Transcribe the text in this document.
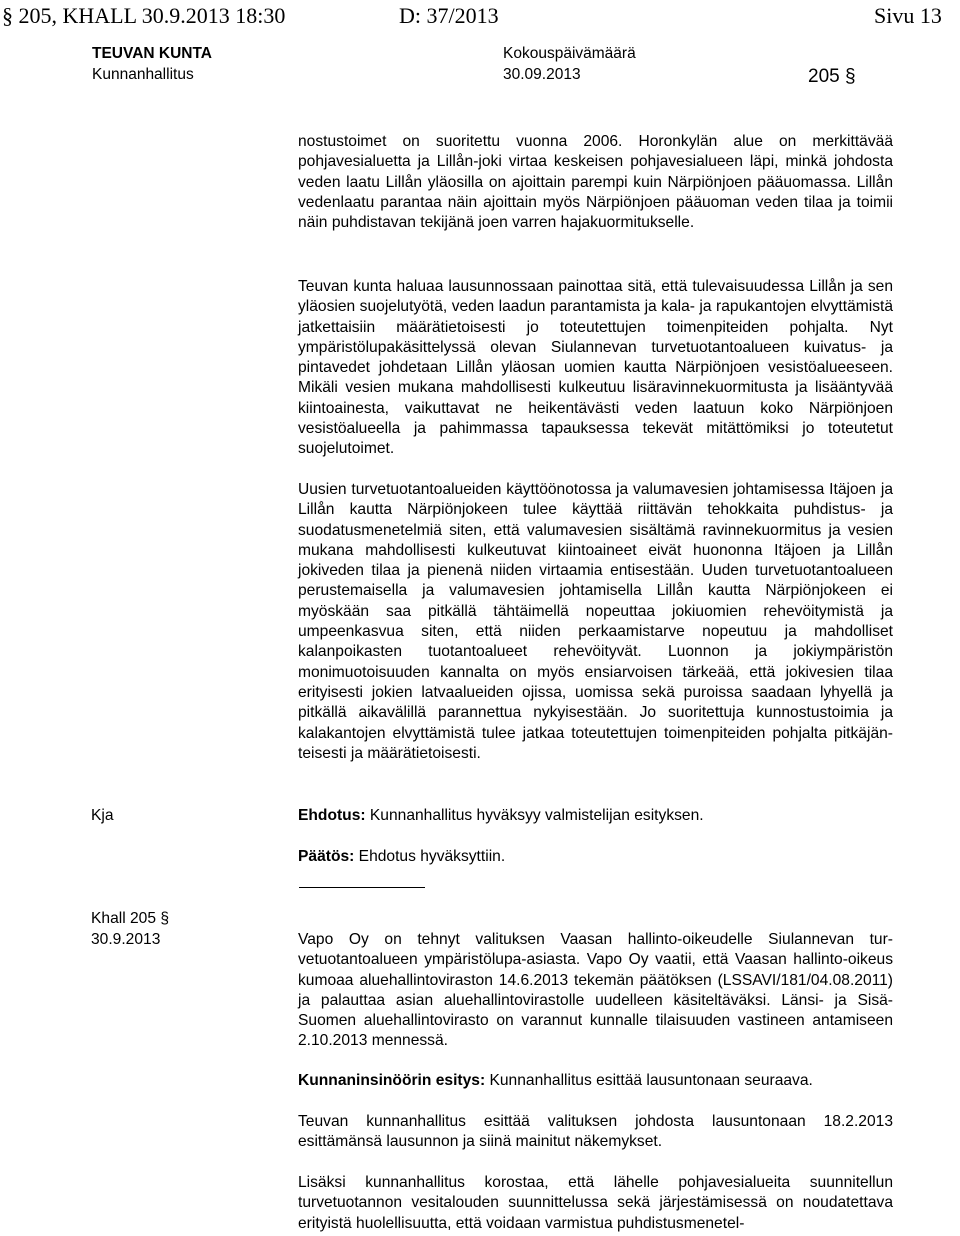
§ 205, KHALL 30.9.2013 18:30	D: 37/2013	Sivu 13
TEUVAN KUNTA
Kunnanhallitus
Kokouspäivämäärä
30.09.2013	205 §

nostustoimet on suoritettu vuonna 2006. Horonkylän alue on merkittävää pohjavesialuetta ja Lillån-joki virtaa keskeisen pohjavesialueen läpi, minkä johdosta veden laatu Lillån yläosilla on ajoittain parempi kuin Närpiönjoen pääuomassa. Lillån vedenlaatu parantaa näin ajoittain myös Närpiönjoen pääuoman veden tilaa ja toimii näin puhdistavan tekijänä joen varren hajakuormitukselle.

Teuvan kunta haluaa lausunnossaan painottaa sitä, että tulevaisuudessa Lillån ja sen yläosien suojelutyötä, veden laadun parantamista ja kala- ja rapukantojen elvyttämistä jatkettaisiin määrätietoisesti jo toteutettujen toimenpiteiden pohjalta. Nyt ympäristölupakäsittelyssä olevan Siulannevan turvetuotantoalueen kuivatus- ja pintavedet johdetaan Lillån yläosan uomien kautta Närpiönjoen vesistöalueeseen. Mikäli vesien mukana mahdollisesti kulkeutuu lisäravinnekuormitusta ja lisääntyvää kiintoainesta, vaikuttavat ne heikentävästi veden laatuun koko Närpiönjoen vesistöalueella ja pahimmassa tapauksessa tekevät mitättömiksi jo toteutetut suojelutoimet.

Uusien turvetuotantoalueiden käyttöönotossa ja valumavesien johtamisessa Itäjoen ja Lillån kautta Närpiönjokeen tulee käyttää riittävän tehokkaita puhdistus- ja suodatusmenetelmiä siten, että valumavesien sisältämä ravinnekuormitus ja vesien mukana mahdollisesti kulkeutuvat kiintoaineet eivät huononna Itäjoen ja Lillån jokiveden tilaa ja pienenä niiden virtaamia entisestään. Uuden turvetuotantoalueen perustemaisella ja valumavesien johtamisella Lillån kautta Närpiönjokeen ei myöskään saa pitkällä tähtäimellä nopeuttaa jokiuomien rehevöitymistä ja umpeenkasvua siten, että niiden perkaamistarve nopeutuu ja mahdolliset kalanpoikasten tuotantoalueet rehevöityvät. Luonnon ja jokiympäristön monimuotoisuuden kannalta on myös ensiarvoisen tärkeää, että jokivesien tilaa erityisesti jokien latvaalueiden ojissa, uomissa sekä puroissa saadaan lyhyellä ja pitkällä aikavälillä parannettua nykyisestään. Jo suoritettuja kunnostustoimia ja kalakantojen elvyttämistä tulee jatkaa toteutettujen toimenpiteiden pohjalta pitkäjänteisesti ja määrätietoisesti.

Kja	Ehdotus: Kunnanhallitus hyväksyy valmistelijan esityksen.

Päätös: Ehdotus hyväksyttiin.

Khall 205 §
30.9.2013	Vapo Oy on tehnyt valituksen Vaasan hallinto-oikeudelle Siulannevan turvetuotantoalueen ympäristölupa-asiasta. Vapo Oy vaatii, että Vaasan hallinto-oikeus kumoaa aluehallintoviraston 14.6.2013 tekemän päätöksen (LSSAVI/181/04.08.2011) ja palauttaa asian aluehallintovirastolle uudelleen käsiteltäväksi. Länsi- ja Sisä-Suomen aluehallintovirasto on varannut kunnalle tilaisuuden vastineen antamiseen 2.10.2013 mennessä.

Kunnaninsinöörin esitys: Kunnanhallitus esittää lausuntonaan seuraava.

Teuvan kunnanhallitus esittää valituksen johdosta lausuntonaan 18.2.2013 esittämänsä lausunnon ja siinä mainitut näkemykset.

Lisäksi kunnanhallitus korostaa, että lähelle pohjavesialueita suunnitellun turvetuotannon vesitalouden suunnittelussa sekä järjestämisessä on noudatettava erityistä huolellisuutta, että voidaan varmistua puhdistusmenetel-
